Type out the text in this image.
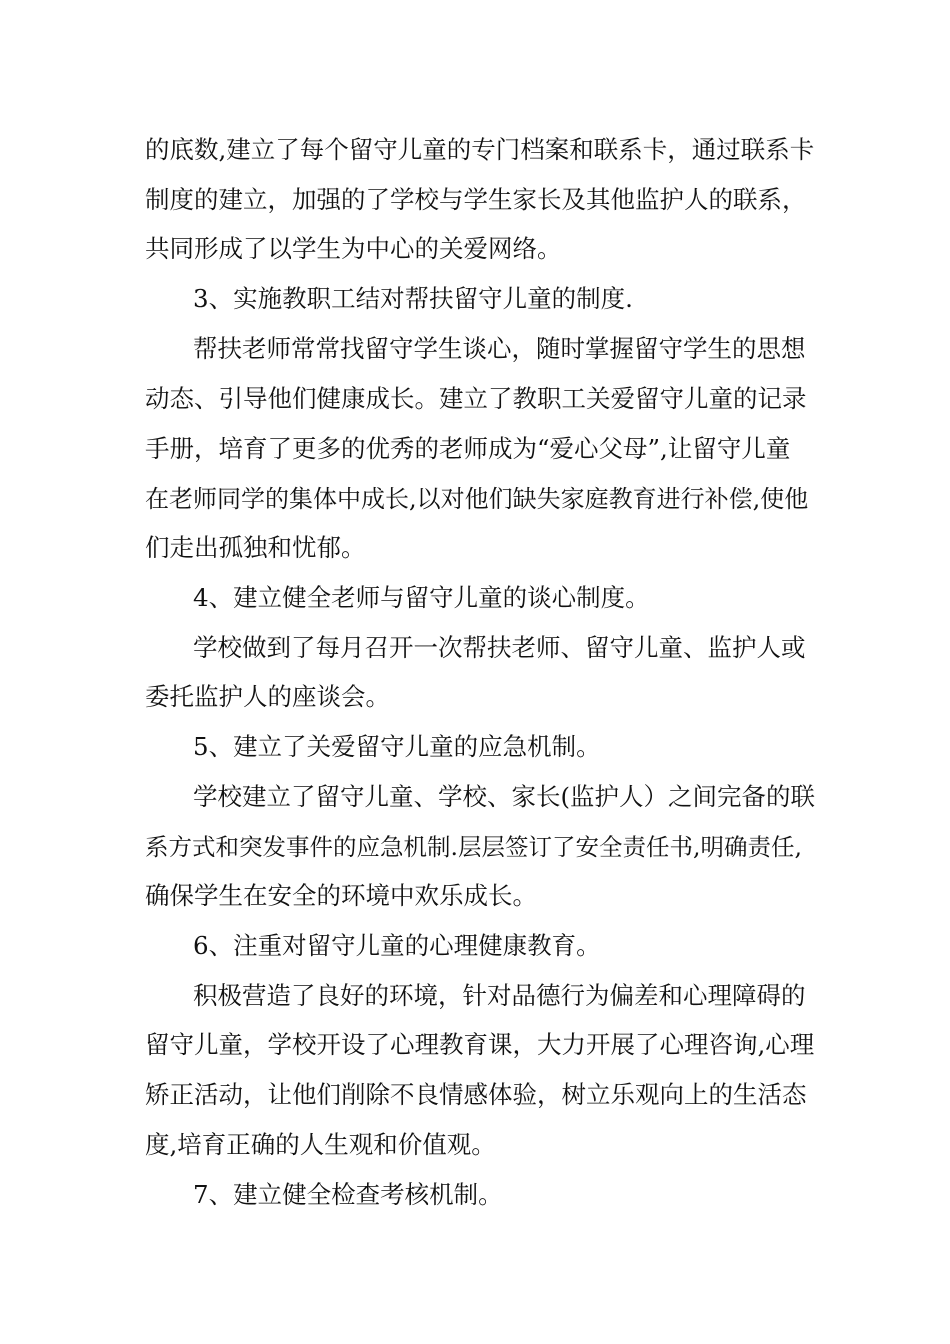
的底数,建立了每个留守儿童的专门档案和联系卡，通过联系卡

制度的建立，加强的了学校与学生家长及其他监护人的联系，

共同形成了以学生为中心的关爱网络。

3、实施教职工结对帮扶留守儿童的制度.

帮扶老师常常找留守学生谈心，随时掌握留守学生的思想

动态、引导他们健康成长。建立了教职工关爱留守儿童的记录

手册，培育了更多的优秀的老师成为“爱心父母”,让留守儿童

在老师同学的集体中成长,以对他们缺失家庭教育进行补偿,使他

们走出孤独和忧郁。

4、建立健全老师与留守儿童的谈心制度。

学校做到了每月召开一次帮扶老师、留守儿童、监护人或

委托监护人的座谈会。

5、建立了关爱留守儿童的应急机制。

学校建立了留守儿童、学校、家长(监护人）之间完备的联

系方式和突发事件的应急机制.层层签订了安全责任书,明确责任,

确保学生在安全的环境中欢乐成长。

6、注重对留守儿童的心理健康教育。

积极营造了良好的环境，针对品德行为偏差和心理障碍的

留守儿童，学校开设了心理教育课，大力开展了心理咨询,心理

矫正活动，让他们削除不良情感体验，树立乐观向上的生活态

度,培育正确的人生观和价值观。

7、建立健全检查考核机制。
